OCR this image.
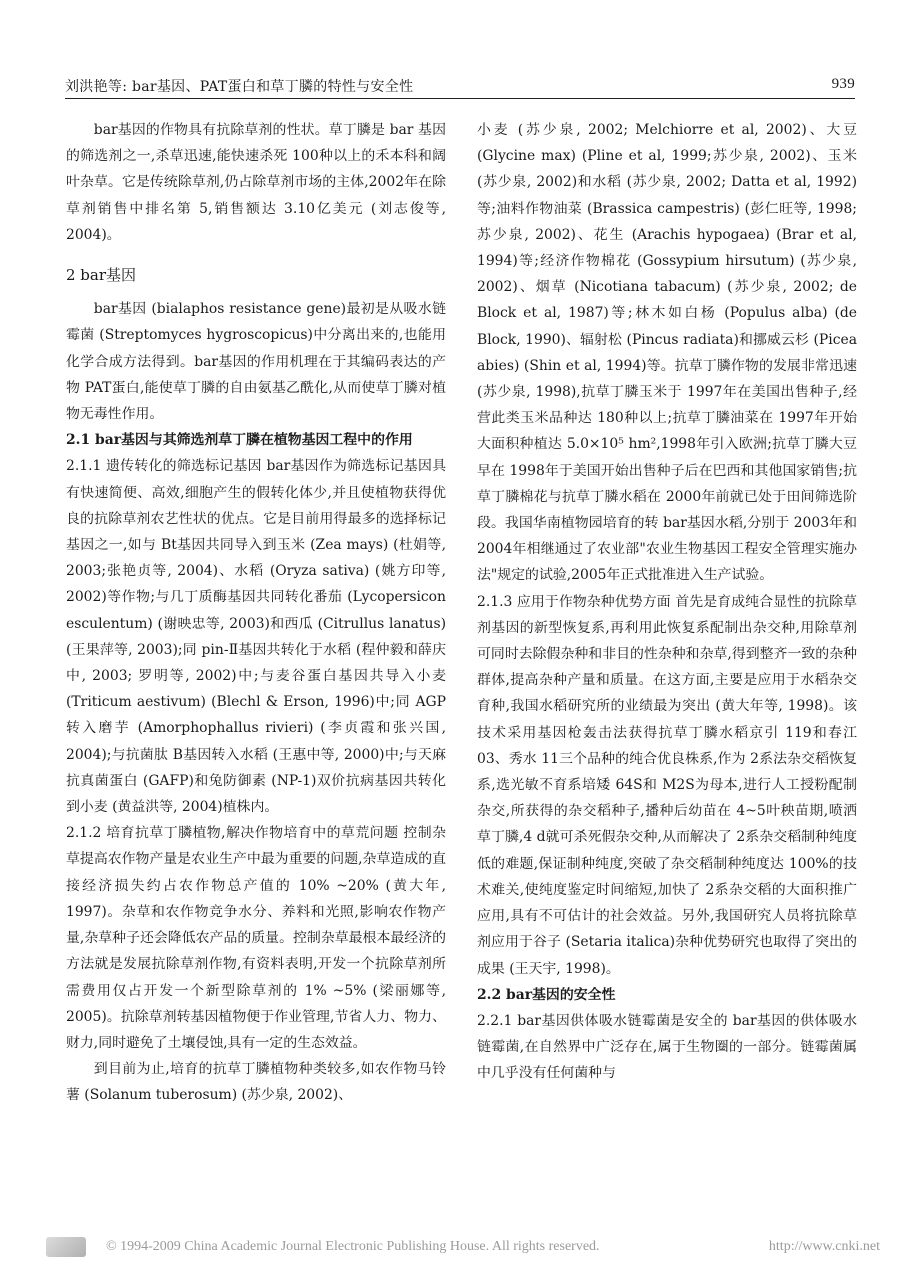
刘洪艳等: bar基因、PAT蛋白和草丁膦的特性与安全性	939

bar基因的作物具有抗除草剂的性状。草丁膦是 bar 基因的筛选剂之一,杀草迅速,能快速杀死 100种以上的禾本科和阔叶杂草。它是传统除草剂,仍占除草剂市场的主体,2002年在除草剂销售中排名第 5,销售额达 3.10亿美元 (刘志俊等, 2004)。

2 bar基因

bar基因 (bialaphos resistance gene)最初是从吸水链霉菌 (Streptomyces hygroscopicus)中分离出来的,也能用化学合成方法得到。bar基因的作用机理在于其编码表达的产物 PAT蛋白,能使草丁膦的自由氨基乙酰化,从而使草丁膦对植物无毒性作用。

2.1 bar基因与其筛选剂草丁膦在植物基因工程中的作用

2.1.1 遗传转化的筛选标记基因 bar基因作为筛选标记基因具有快速简便、高效,细胞产生的假转化体少,并且使植物获得优良的抗除草剂农艺性状的优点。它是目前用得最多的选择标记基因之一,如与 Bt基因共同导入到玉米 (Zea mays) (杜娟等, 2003;张艳贞等, 2004)、水稻 (Oryza sativa) (姚方印等, 2002)等作物;与几丁质酶基因共同转化番茄 (Lycopersicon esculentum) (谢映忠等, 2003)和西瓜 (Citrullus lanatus) (王果萍等, 2003);同 pin-Ⅱ基因共转化于水稻 (程仲毅和薛庆中, 2003; 罗明等, 2002)中;与麦谷蛋白基因共导入小麦 (Triticum aestivum) (Blechl & Erson, 1996)中;同 AGP转入磨芋 (Amorphophallus rivieri) (李贞霞和张兴国, 2004);与抗菌肽 B基因转入水稻 (王惠中等, 2000)中;与天麻抗真菌蛋白 (GAFP)和兔防御素 (NP-1)双价抗病基因共转化到小麦 (黄益洪等, 2004)植株内。

2.1.2 培育抗草丁膦植物,解决作物培育中的草荒问题 控制杂草提高农作物产量是农业生产中最为重要的问题,杂草造成的直接经济损失约占农作物总产值的 10% ~20% (黄大年, 1997)。杂草和农作物竞争水分、养料和光照,影响农作物产量,杂草种子还会降低农产品的质量。控制杂草最根本最经济的方法就是发展抗除草剂作物,有资料表明,开发一个抗除草剂所需费用仅占开发一个新型除草剂的 1% ~5% (梁丽娜等, 2005)。抗除草剂转基因植物便于作业管理,节省人力、物力、财力,同时避免了土壤侵蚀,具有一定的生态效益。

到目前为止,培育的抗草丁膦植物种类较多,如农作物马铃薯 (Solanum tuberosum) (苏少泉, 2002)、

小麦 (苏少泉, 2002; Melchiorre et al, 2002)、大豆 (Glycine max) (Pline et al, 1999;苏少泉, 2002)、玉米 (苏少泉, 2002)和水稻 (苏少泉, 2002; Datta et al, 1992)等;油料作物油菜 (Brassica campestris) (彭仁旺等, 1998;苏少泉, 2002)、花生 (Arachis hypogaea) (Brar et al, 1994)等;经济作物棉花 (Gossypium hirsutum) (苏少泉, 2002)、烟草 (Nicotiana tabacum) (苏少泉, 2002; de Block et al, 1987)等;林木如白杨 (Populus alba) (de Block, 1990)、辐射松 (Pincus radiata)和挪威云杉 (Picea abies) (Shin et al, 1994)等。抗草丁膦作物的发展非常迅速 (苏少泉, 1998),抗草丁膦玉米于 1997年在美国出售种子,经营此类玉米品种达 180种以上;抗草丁膦油菜在 1997年开始大面积种植达 5.0×10⁵ hm²,1998年引入欧洲;抗草丁膦大豆早在 1998年于美国开始出售种子后在巴西和其他国家销售;抗草丁膦棉花与抗草丁膦水稻在 2000年前就已处于田间筛选阶段。我国华南植物园培育的转 bar基因水稻,分别于 2003年和 2004年相继通过了农业部"农业生物基因工程安全管理实施办法"规定的试验,2005年正式批准进入生产试验。

2.1.3 应用于作物杂种优势方面 首先是育成纯合显性的抗除草剂基因的新型恢复系,再利用此恢复系配制出杂交种,用除草剂可同时去除假杂种和非目的性杂种和杂草,得到整齐一致的杂种群体,提高杂种产量和质量。在这方面,主要是应用于水稻杂交育种,我国水稻研究所的业绩最为突出 (黄大年等, 1998)。该技术采用基因枪轰击法获得抗草丁膦水稻京引 119和春江 03、秀水 11三个品种的纯合优良株系,作为 2系法杂交稻恢复系,选光敏不育系培矮 64S和 M2S为母本,进行人工授粉配制杂交,所获得的杂交稻种子,播种后幼苗在 4~5叶秧苗期,喷洒草丁膦,4 d就可杀死假杂交种,从而解决了 2系杂交稻制种纯度低的难题,保证制种纯度,突破了杂交稻制种纯度达 100%的技术难关,使纯度鉴定时间缩短,加快了 2系杂交稻的大面积推广应用,具有不可估计的社会效益。另外,我国研究人员将抗除草剂应用于谷子 (Setaria italica)杂种优势研究也取得了突出的成果 (王天宇, 1998)。

2.2 bar基因的安全性

2.2.1 bar基因供体吸水链霉菌是安全的 bar基因的供体吸水链霉菌,在自然界中广泛存在,属于生物圈的一部分。链霉菌属中几乎没有任何菌种与

© 1994-2009 China Academic Journal Electronic Publishing House. All rights reserved.	http://www.cnki.net
